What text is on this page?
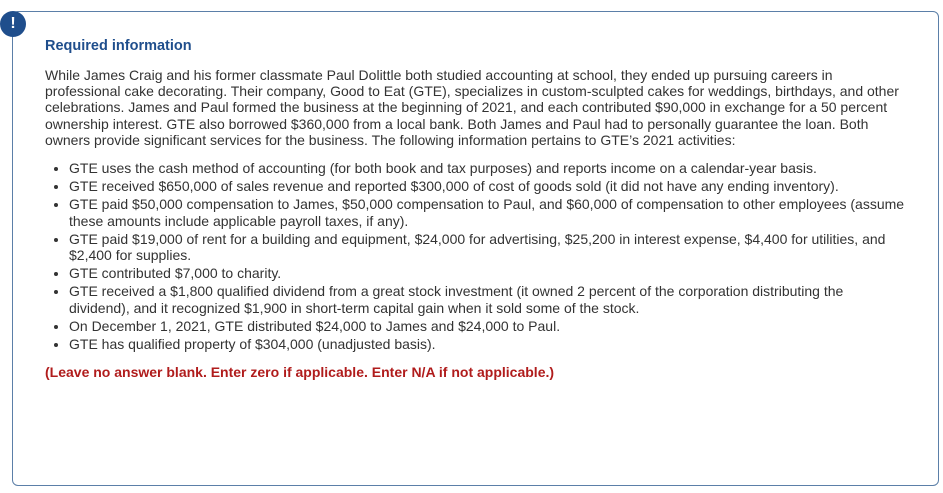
!
Required information

While James Craig and his former classmate Paul Dolittle both studied accounting at school, they ended up pursuing careers in professional cake decorating. Their company, Good to Eat (GTE), specializes in custom-sculpted cakes for weddings, birthdays, and other celebrations. James and Paul formed the business at the beginning of 2021, and each contributed $90,000 in exchange for a 50 percent ownership interest. GTE also borrowed $360,000 from a local bank. Both James and Paul had to personally guarantee the loan. Both owners provide significant services for the business. The following information pertains to GTE’s 2021 activities:

• GTE uses the cash method of accounting (for both book and tax purposes) and reports income on a calendar-year basis.
• GTE received $650,000 of sales revenue and reported $300,000 of cost of goods sold (it did not have any ending inventory).
• GTE paid $50,000 compensation to James, $50,000 compensation to Paul, and $60,000 of compensation to other employees (assume these amounts include applicable payroll taxes, if any).
• GTE paid $19,000 of rent for a building and equipment, $24,000 for advertising, $25,200 in interest expense, $4,400 for utilities, and $2,400 for supplies.
• GTE contributed $7,000 to charity.
• GTE received a $1,800 qualified dividend from a great stock investment (it owned 2 percent of the corporation distributing the dividend), and it recognized $1,900 in short-term capital gain when it sold some of the stock.
• On December 1, 2021, GTE distributed $24,000 to James and $24,000 to Paul.
• GTE has qualified property of $304,000 (unadjusted basis).

(Leave no answer blank. Enter zero if applicable. Enter N/A if not applicable.)
